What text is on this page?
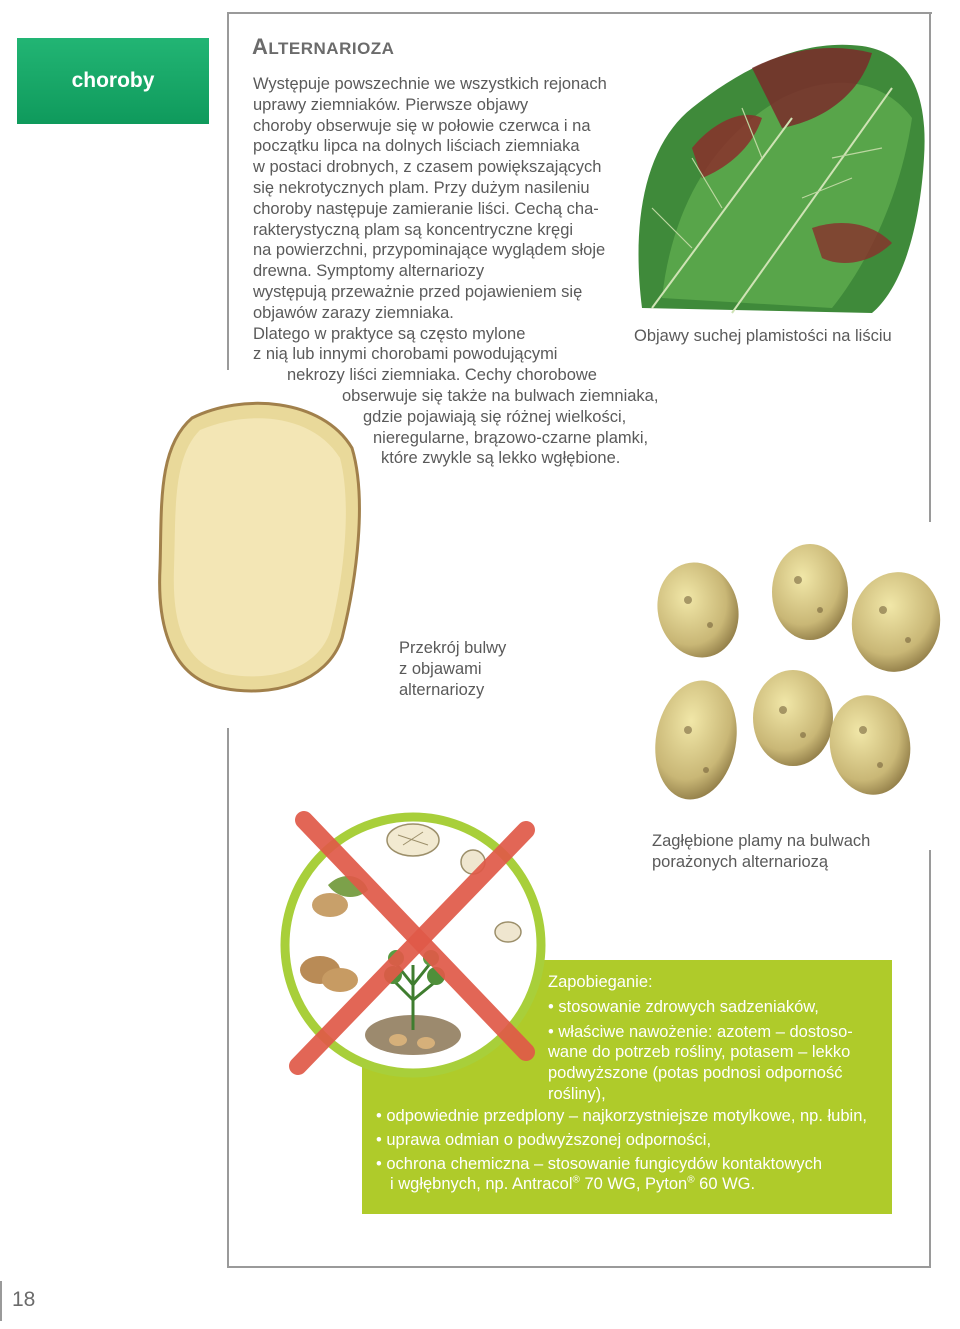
choroby
ALTERNARIOZA
Występuje powszechnie we wszystkich rejonach
uprawy ziemniaków. Pierwsze objawy
choroby obserwuje się w połowie czerwca i na
początku lipca na dolnych liściach ziemniaka
w postaci drobnych, z czasem powiększających
się nekrotycznych plam. Przy dużym nasileniu
choroby następuje zamieranie liści. Cechą cha-
rakterystyczną plam są koncentryczne kręgi
na powierzchni, przypominające wyglądem słoje
drewna. Symptomy alternariozy
występują przeważnie przed pojawieniem się
objawów zarazy ziemniaka.
Dlatego w praktyce są często mylone
z nią lub innymi chorobami powodującymi
nekrozy liści ziemniaka. Cechy chorobowe
obserwuje się także na bulwach ziemniaka,
gdzie pojawiają się różnej wielkości,
nieregularne, brązowo-czarne plamki,
które zwykle są lekko wgłębione.
Objawy suchej plamistości na liściu
Przekrój bulwy
z objawami
alternariozy
Zagłębione plamy na bulwach
porażonych alternariozą
Zapobieganie:
• stosowanie zdrowych sadzeniaków,
• właściwe nawożenie: azotem – dostoso-
wane do potrzeb rośliny, potasem – lekko
podwyższone (potas podnosi odporność
rośliny),
• odpowiednie przedplony – najkorzystniejsze motylkowe, np. łubin,
• uprawa odmian o podwyższonej odporności,
• ochrona chemiczna – stosowanie fungicydów kontaktowych
i wgłębnych, np. Antracol® 70 WG, Pyton® 60 WG.
18
